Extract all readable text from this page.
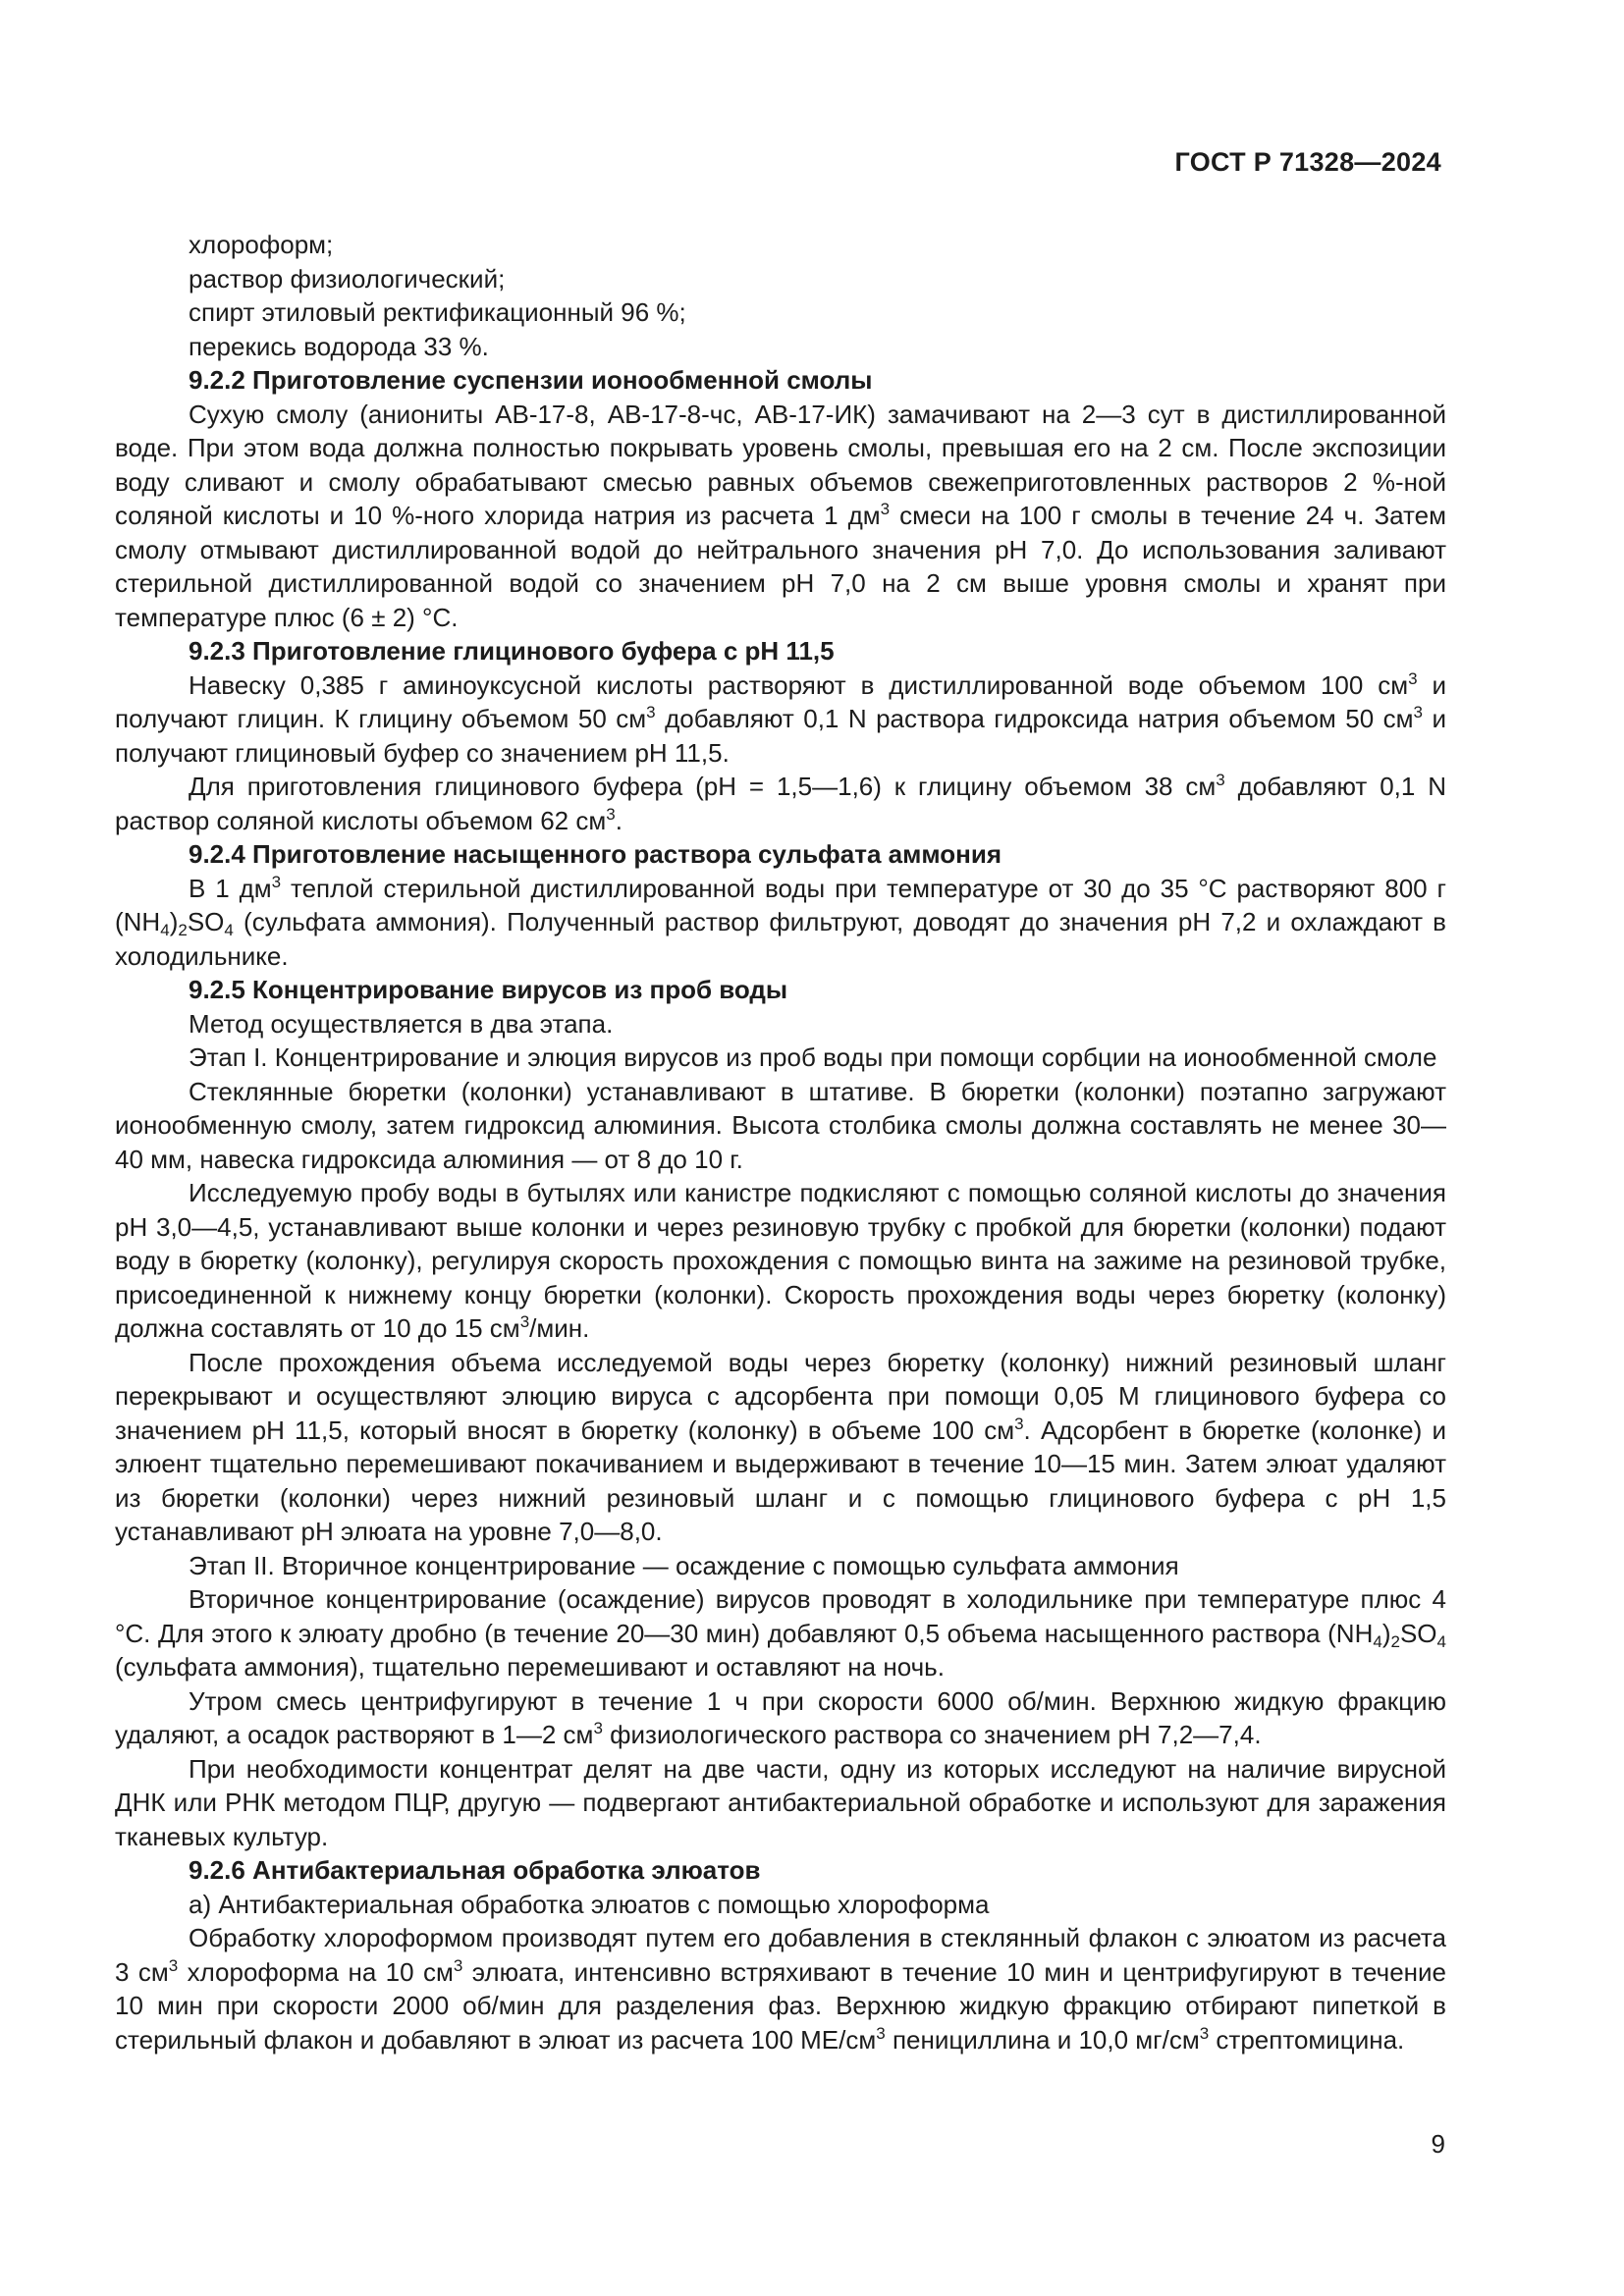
ГОСТ Р 71328—2024

хлороформ;

раствор физиологический;

спирт этиловый ректификационный 96 %;

перекись водорода 33 %.

9.2.2 Приготовление суспензии ионообменной смолы

Сухую смолу (аниониты АВ-17-8, АВ-17-8-чс, АВ-17-ИК) замачивают на 2—3 сут в дистиллированной воде. При этом вода должна полностью покрывать уровень смолы, превышая его на 2 см. После экспозиции воду сливают и смолу обрабатывают смесью равных объемов свежеприготовленных растворов 2 %-ной соляной кислоты и 10 %-ного хлорида натрия из расчета 1 $дм^3$ смеси на 100 г смолы в течение 24 ч. Затем смолу отмывают дистиллированной водой до нейтрального значения pH 7,0. До использования заливают стерильной дистиллированной водой со значением pH 7,0 на 2 см выше уровня смолы и хранят при температуре плюс (6 ± 2) °С.

9.2.3 Приготовление глицинового буфера с pH 11,5

Навеску 0,385 г аминоуксусной кислоты растворяют в дистиллированной воде объемом 100 $см^3$ и получают глицин. К глицину объемом 50 $см^3$ добавляют 0,1 N раствора гидроксида натрия объемом 50 $см^3$ и получают глициновый буфер со значением pH 11,5.

Для приготовления глицинового буфера (pH = 1,5—1,6) к глицину объемом 38 $см^3$ добавляют 0,1 N раствор соляной кислоты объемом 62 $см^3$.

9.2.4 Приготовление насыщенного раствора сульфата аммония

В 1 $дм^3$ теплой стерильной дистиллированной воды при температуре от 30 до 35 °С растворяют 800 г $(NH_4)_2SO_4$ (сульфата аммония). Полученный раствор фильтруют, доводят до значения pH 7,2 и охлаждают в холодильнике.

9.2.5 Концентрирование вирусов из проб воды

Метод осуществляется в два этапа.

Этап I. Концентрирование и элюция вирусов из проб воды при помощи сорбции на ионообменной смоле

Стеклянные бюретки (колонки) устанавливают в штативе. В бюретки (колонки) поэтапно загружают ионообменную смолу, затем гидроксид алюминия. Высота столбика смолы должна составлять не менее 30—40 мм, навеска гидроксида алюминия — от 8 до 10 г.

Исследуемую пробу воды в бутылях или канистре подкисляют с помощью соляной кислоты до значения pH 3,0—4,5, устанавливают выше колонки и через резиновую трубку с пробкой для бюретки (колонки) подают воду в бюретку (колонку), регулируя скорость прохождения с помощью винта на зажиме на резиновой трубке, присоединенной к нижнему концу бюретки (колонки). Скорость прохождения воды через бюретку (колонку) должна составлять от 10 до 15 $см^3$/мин.

После прохождения объема исследуемой воды через бюретку (колонку) нижний резиновый шланг перекрывают и осуществляют элюцию вируса с адсорбента при помощи 0,05 М глицинового буфера со значением pH 11,5, который вносят в бюретку (колонку) в объеме 100 $см^3$. Адсорбент в бюретке (колонке) и элюент тщательно перемешивают покачиванием и выдерживают в течение 10—15 мин. Затем элюат удаляют из бюретки (колонки) через нижний резиновый шланг и с помощью глицинового буфера с pH 1,5 устанавливают pH элюата на уровне 7,0—8,0.

Этап II. Вторичное концентрирование — осаждение с помощью сульфата аммония

Вторичное концентрирование (осаждение) вирусов проводят в холодильнике при температуре плюс 4 °С. Для этого к элюату дробно (в течение 20—30 мин) добавляют 0,5 объема насыщенного раствора $(NH_4)_2SO_4$ (сульфата аммония), тщательно перемешивают и оставляют на ночь.

Утром смесь центрифугируют в течение 1 ч при скорости 6000 об/мин. Верхнюю жидкую фракцию удаляют, а осадок растворяют в 1—2 $см^3$ физиологического раствора со значением pH 7,2—7,4.

При необходимости концентрат делят на две части, одну из которых исследуют на наличие вирусной ДНК или РНК методом ПЦР, другую — подвергают антибактериальной обработке и используют для заражения тканевых культур.

9.2.6 Антибактериальная обработка элюатов

а) Антибактериальная обработка элюатов с помощью хлороформа

Обработку хлороформом производят путем его добавления в стеклянный флакон с элюатом из расчета 3 $см^3$ хлороформа на 10 $см^3$ элюата, интенсивно встряхивают в течение 10 мин и центрифугируют в течение 10 мин при скорости 2000 об/мин для разделения фаз. Верхнюю жидкую фракцию отбирают пипеткой в стерильный флакон и добавляют в элюат из расчета 100 $МЕ/см^3$ пенициллина и 10,0 $мг/см^3$ стрептомицина.

9
